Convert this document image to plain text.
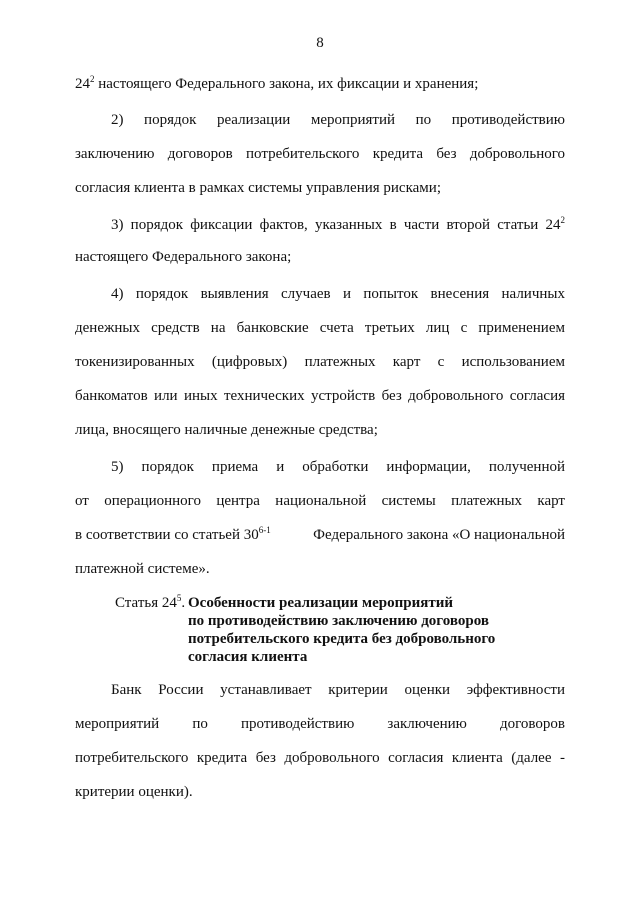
8
$24^2$ настоящего Федерального закона, их фиксации и хранения;
2) порядок реализации мероприятий по противодействию
заключению договоров потребительского кредита без добровольного
согласия клиента в рамках системы управления рисками;
3) порядок фиксации фактов, указанных в части второй статьи $24^2$
настоящего Федерального закона;
4) порядок выявления случаев и попыток внесения наличных
денежных средств на банковские счета третьих лиц с применением
токенизированных (цифровых) платежных карт с использованием
банкоматов или иных технических устройств без добровольного согласия
лица, вносящего наличные денежные средства;
5) порядок приема и обработки информации, полученной
от операционного центра национальной системы платежных карт
в соответствии со статьей 30$^{6-1}$	Федерального закона «О национальной
платежной системе».
Статья $24^5$. Особенности реализации мероприятий
по противодействию заключению договоров
потребительского кредита без добровольного
согласия клиента
Банк России устанавливает критерии оценки эффективности
мероприятий по противодействию заключению договоров
потребительского кредита без добровольного согласия клиента (далее -
критерии оценки).
